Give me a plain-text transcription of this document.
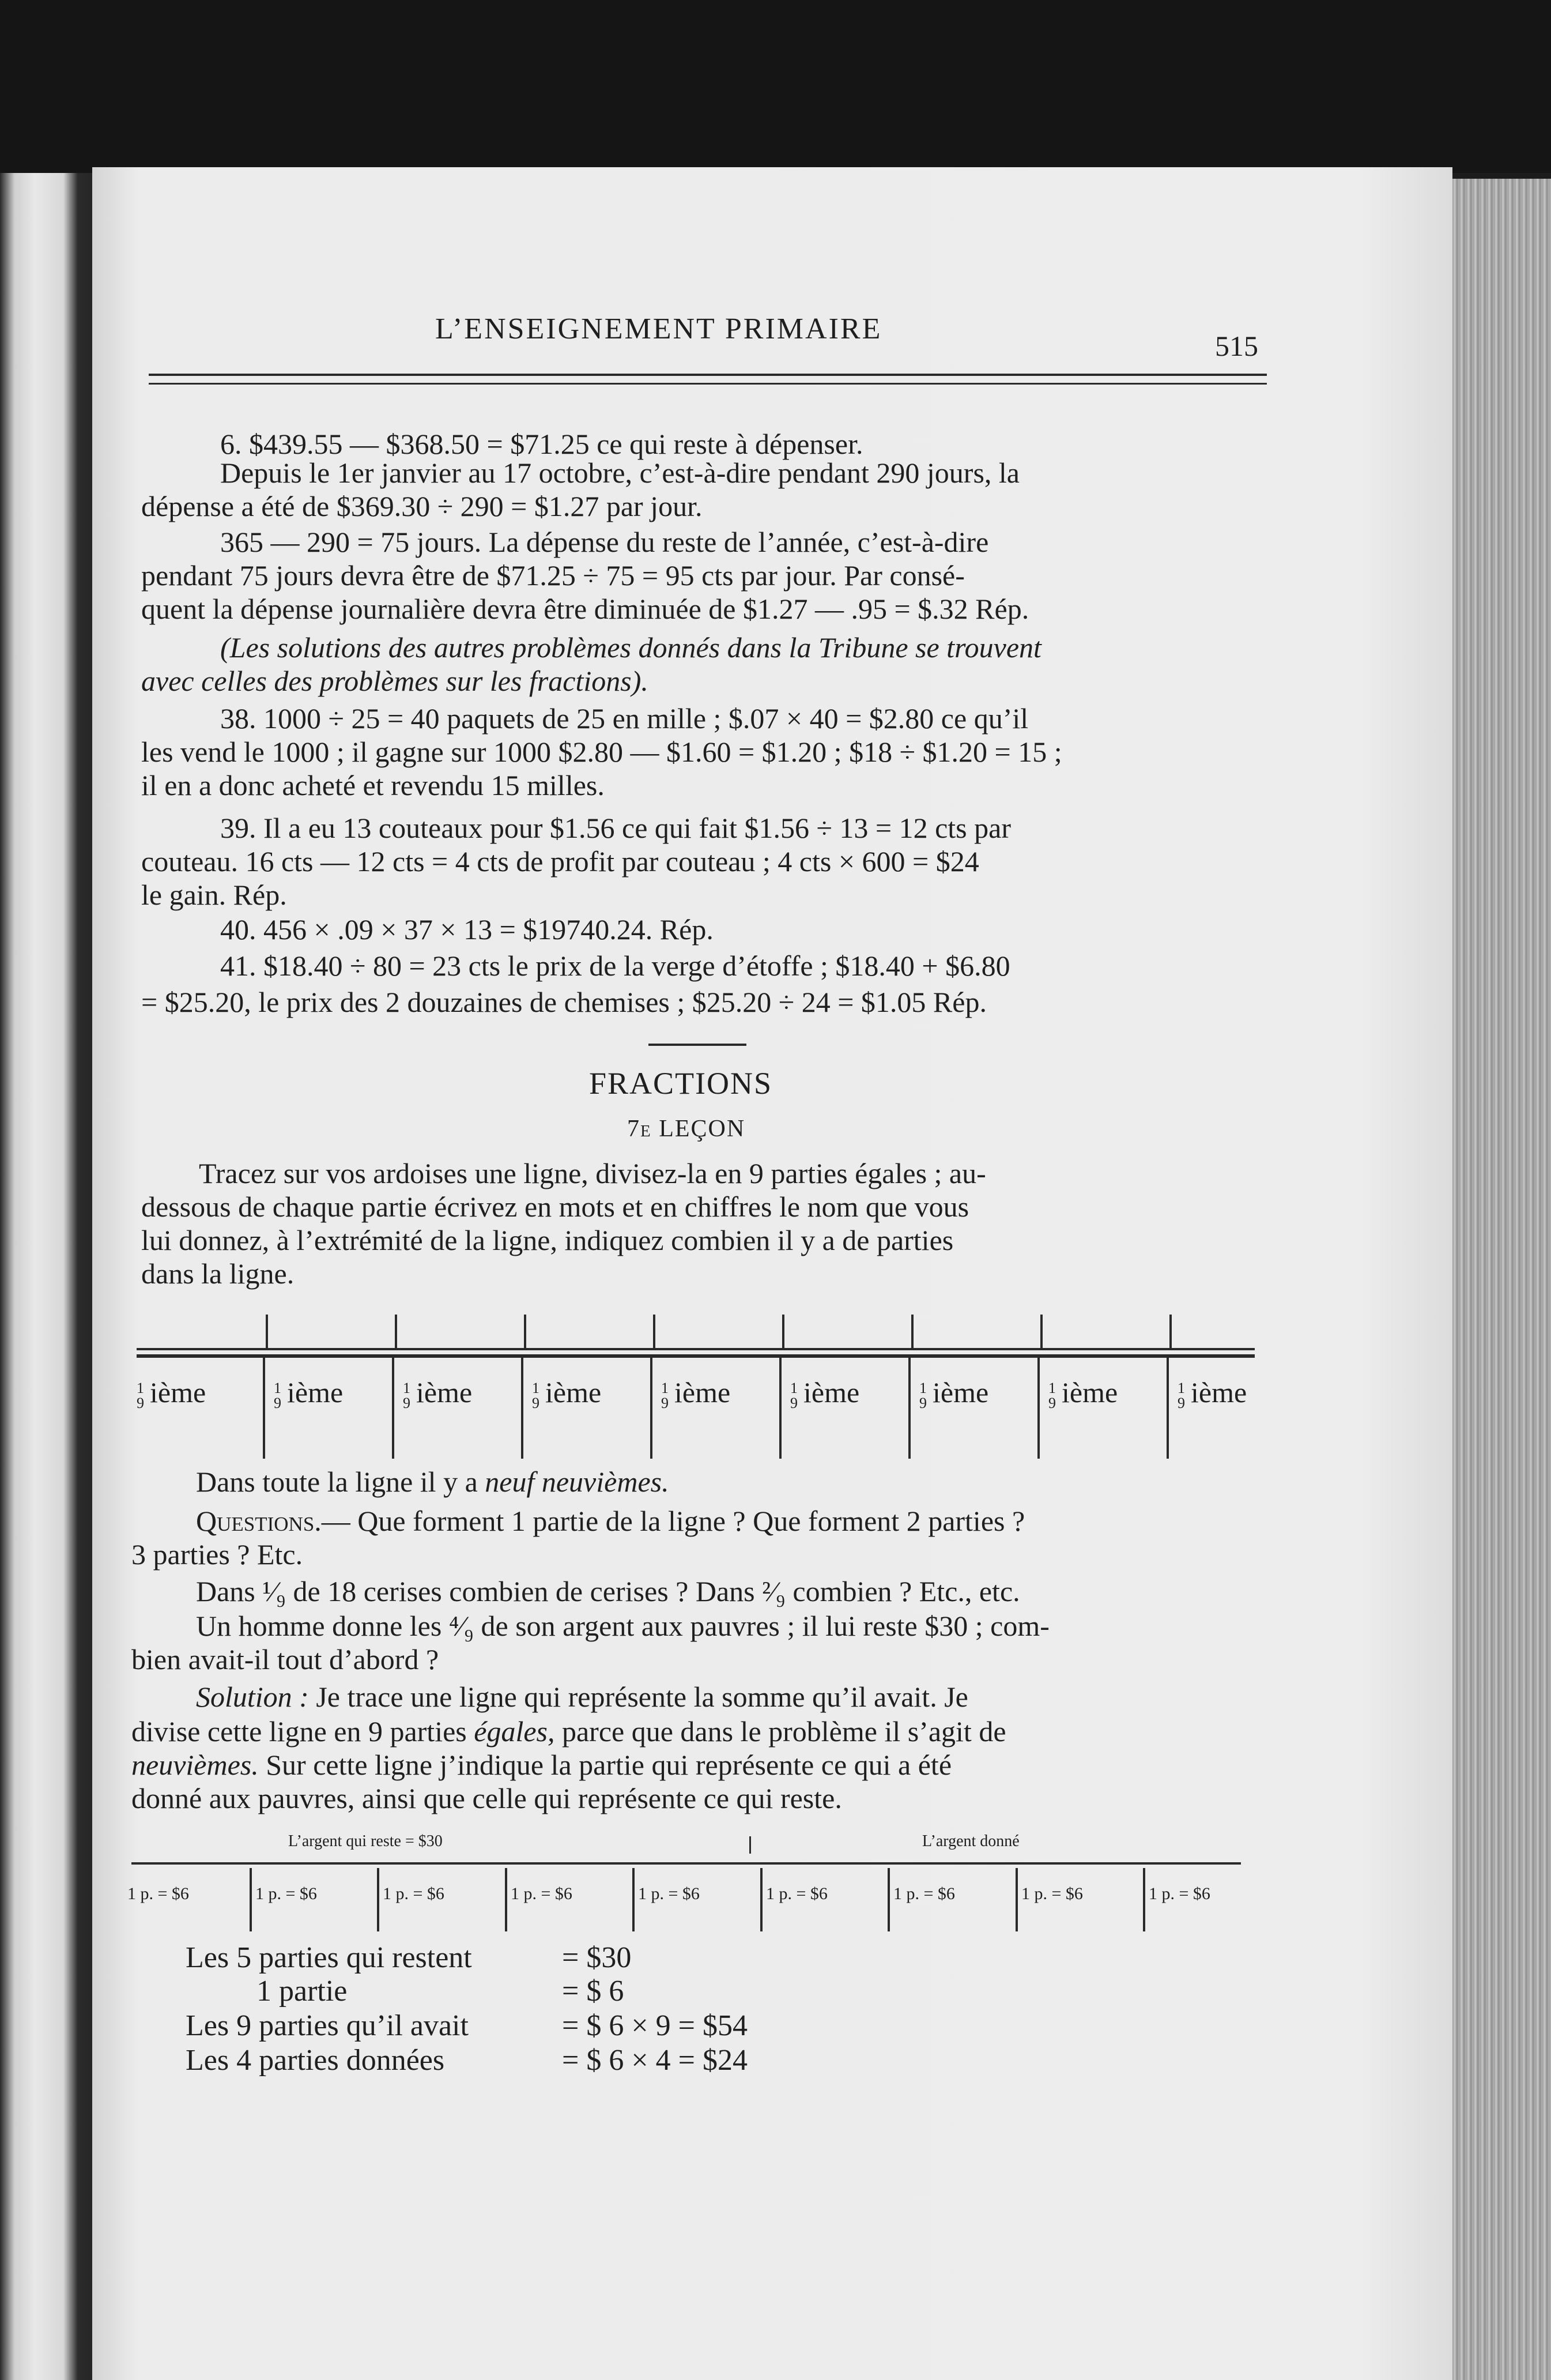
L’ENSEIGNEMENT PRIMAIRE
515
6. $439.55 — $368.50 = $71.25 ce qui reste à dépenser.
Depuis le 1er janvier au 17 octobre, c’est-à-dire pendant 290 jours, la
dépense a été de $369.30 ÷ 290 = $1.27 par jour.
365 — 290 = 75 jours. La dépense du reste de l’année, c’est-à-dire
pendant 75 jours devra être de $71.25 ÷ 75 = 95 cts par jour. Par consé-
quent la dépense journalière devra être diminuée de $1.27 — .95 = $.32 Rép.
(Les solutions des autres problèmes donnés dans la Tribune se trouvent
avec celles des problèmes sur les fractions).
38. 1000 ÷ 25 = 40 paquets de 25 en mille ; $.07 × 40 = $2.80 ce qu’il
les vend le 1000 ; il gagne sur 1000 $2.80 — $1.60 = $1.20 ; $18 ÷ $1.20 = 15 ;
il en a donc acheté et revendu 15 milles.
39. Il a eu 13 couteaux pour $1.56 ce qui fait $1.56 ÷ 13 = 12 cts par
couteau. 16 cts — 12 cts = 4 cts de profit par couteau ; 4 cts × 600 = $24
le gain. Rép.
40. 456 × .09 × 37 × 13 = $19740.24. Rép.
41. $18.40 ÷ 80 = 23 cts le prix de la verge d’étoffe ; $18.40 + $6.80
= $25.20, le prix des 2 douzaines de chemises ; $25.20 ÷ 24 = $1.05 Rép.
FRACTIONS
7e LEÇON
Tracez sur vos ardoises une ligne, divisez-la en 9 parties égales ; au-
dessous de chaque partie écrivez en mots et en chiffres le nom que vous
lui donnez, à l’extrémité de la ligne, indiquez combien il y a de parties
dans la ligne.
1
9 ième	1
9 ième	1
9 ième	1
9 ième	1
9 ième	1
9 ième	1
9 ième	1
9 ième	1
9 ième
Dans toute la ligne il y a neuf neuvièmes.
Questions.— Que forment 1 partie de la ligne ? Que forment 2 parties ?
3 parties ? Etc.
Dans ¹⁄₉ de 18 cerises combien de cerises ? Dans ²⁄₉ combien ? Etc., etc.
Un homme donne les ⁴⁄₉ de son argent aux pauvres ; il lui reste $30 ; com-
bien avait-il tout d’abord ?
Solution : Je trace une ligne qui représente la somme qu’il avait. Je
divise cette ligne en 9 parties égales, parce que dans le problème il s’agit de
neuvièmes. Sur cette ligne j’indique la partie qui représente ce qui a été
donné aux pauvres, ainsi que celle qui représente ce qui reste.
L’argent qui reste = $30	L’argent donné
1 p. = $6	1 p. = $6	1 p. = $6	1 p. = $6	1 p. = $6	1 p. = $6	1 p. = $6	1 p. = $6	1 p. = $6
Les 5 parties qui restent	= $30
1 partie	= $ 6
Les 9 parties qu’il avait	= $ 6 × 9 = $54
Les 4 parties données	= $ 6 × 4 = $24
